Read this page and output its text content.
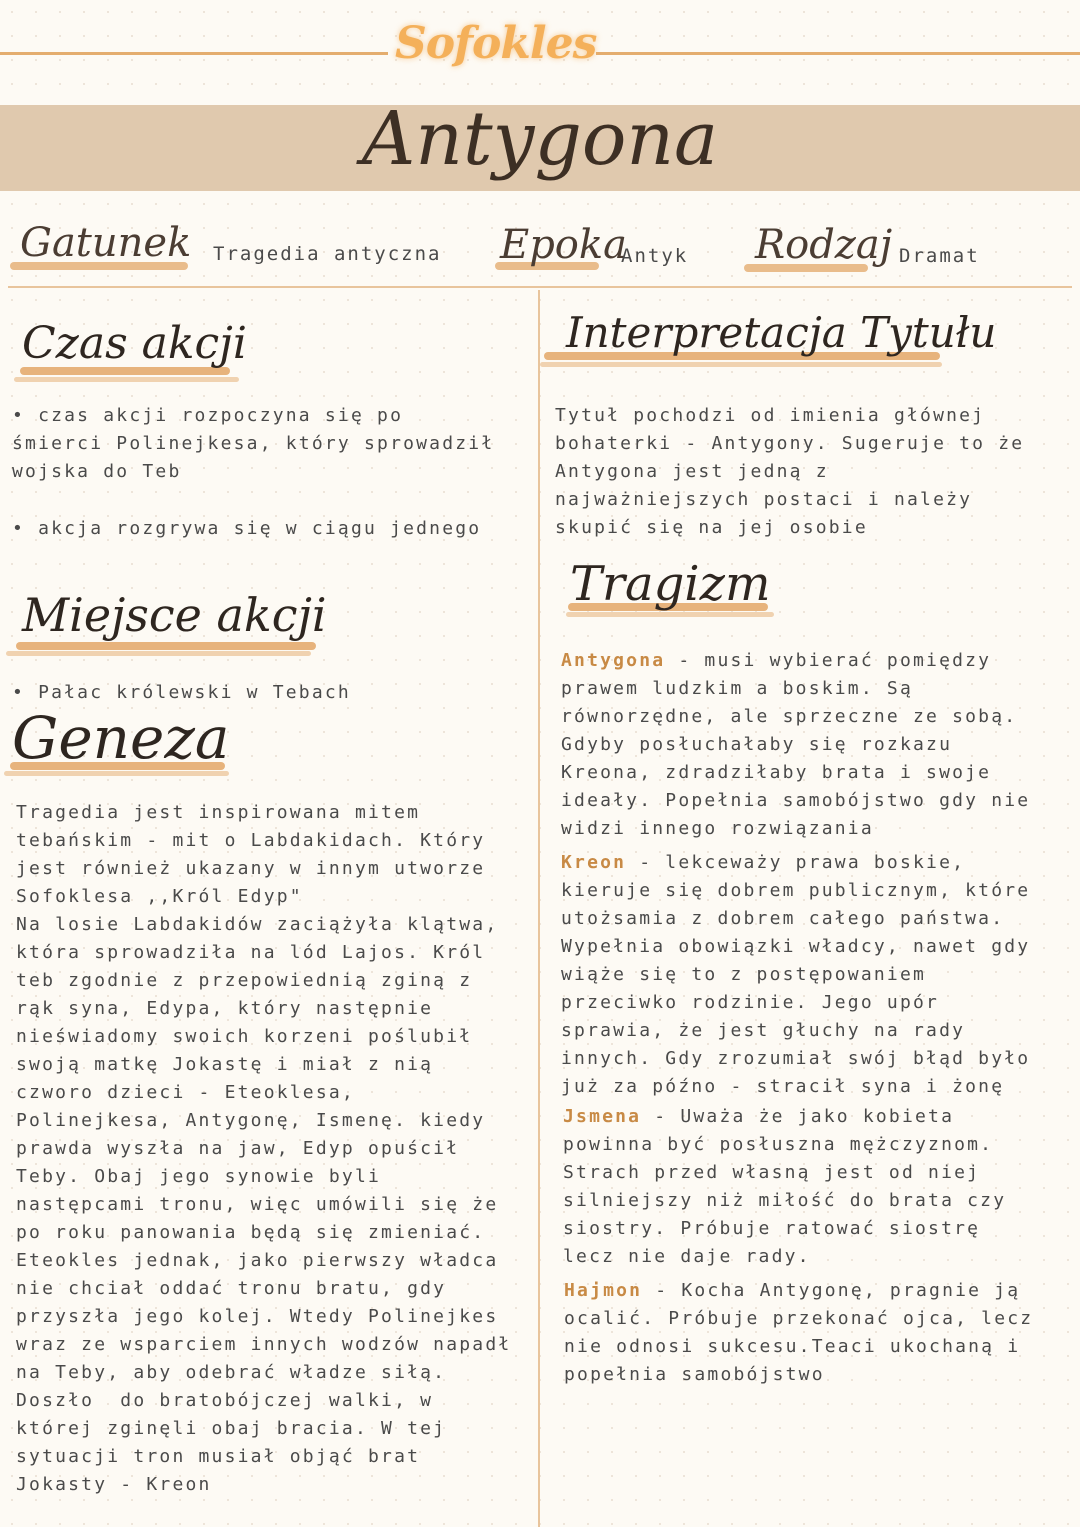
Sofokles
Antygona
Gatunek Tragedia antyczna Epoka
Antyk Rodzaj Dramat
Czas akcji
• czas akcji rozpoczyna się po
śmierci Polinejkesa, który sprowadził
wojska do Teb
• akcja rozgrywa się w ciągu jednego
Miejsce akcji
• Pałac królewski w Tebach
Geneza
Tragedia jest inspirowana mitem
tebańskim - mit o Labdakidach. Który
jest również ukazany w innym utworze
Sofoklesa ,,Król Edyp"
Na losie Labdakidów zaciążyła klątwa,
która sprowadziła na lód Lajos. Król
teb zgodnie z przepowiednią zginą z
rąk syna, Edypa, który następnie
nieświadomy swoich korzeni poślubił
swoją matkę Jokastę i miał z nią
czworo dzieci - Eteoklesa,
Polinejkesa, Antygonę, Ismenę. kiedy
prawda wyszła na jaw, Edyp opuścił
Teby. Obaj jego synowie byli
następcami tronu, więc umówili się że
po roku panowania będą się zmieniać.
Eteokles jednak, jako pierwszy władca
nie chciał oddać tronu bratu, gdy
przyszła jego kolej. Wtedy Polinejkes
wraz ze wsparciem innych wodzów napadł
na Teby, aby odebrać władze siłą.
Doszło  do bratobójczej walki, w
której zginęli obaj bracia. W tej
sytuacji tron musiał objąć brat
Jokasty - Kreon
Interpretacja Tytułu
Tytuł pochodzi od imienia głównej
bohaterki - Antygony. Sugeruje to że
Antygona jest jedną z
najważniejszych postaci i należy
skupić się na jej osobie
Tragizm
Antygona - musi wybierać pomiędzy
prawem ludzkim a boskim. Są
równorzędne, ale sprzeczne ze sobą.
Gdyby posłuchałaby się rozkazu
Kreona, zdradziłaby brata i swoje
ideały. Popełnia samobójstwo gdy nie
widzi innego rozwiązania
Kreon - lekceważy prawa boskie,
kieruje się dobrem publicznym, które
utożsamia z dobrem całego państwa.
Wypełnia obowiązki władcy, nawet gdy
wiąże się to z postępowaniem
przeciwko rodzinie. Jego upór
sprawia, że jest głuchy na rady
innych. Gdy zrozumiał swój błąd było
już za późno - stracił syna i żonę
Jsmena - Uważa że jako kobieta
powinna być posłuszna mężczyznom.
Strach przed własną jest od niej
silniejszy niż miłość do brata czy
siostry. Próbuje ratować siostrę
lecz nie daje rady.
Hajmon - Kocha Antygonę, pragnie ją
ocalić. Próbuje przekonać ojca, lecz
nie odnosi sukcesu.Teaci ukochaną i
popełnia samobójstwo
